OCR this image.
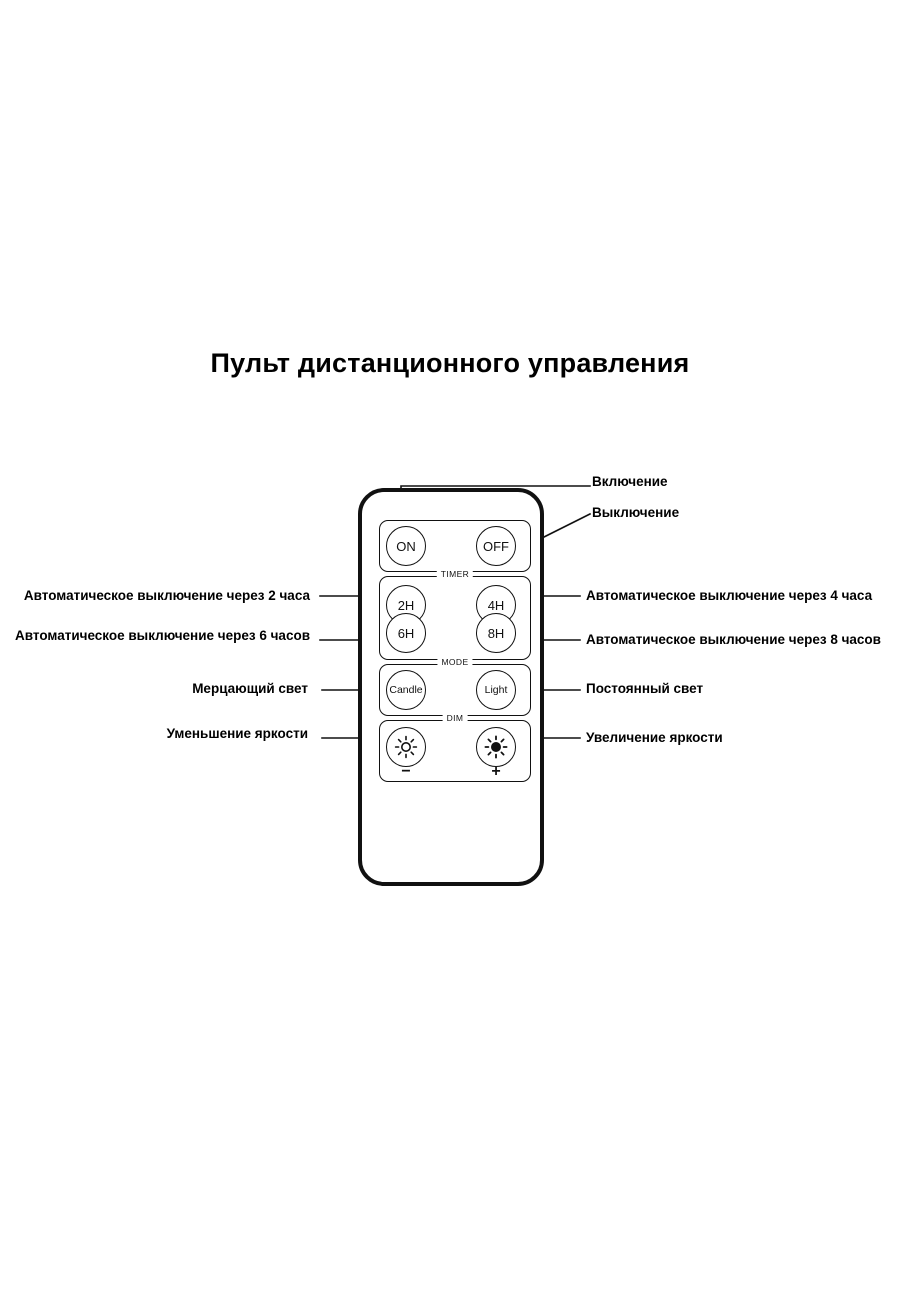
Пульт дистанционного управления
ON	OFF
TIMER
2H	4H
6H	8H
MODE
Candle	Light
DIM
−	+
Включение
Выключение
Автоматическое выключение через 2 часа
Автоматическое выключение через 6 часов
Автоматическое выключение через 4 часа
Автоматическое выключение через 8 часов
Мерцающий свет	Постоянный свет
Уменьшение яркости	Увеличение яркости
